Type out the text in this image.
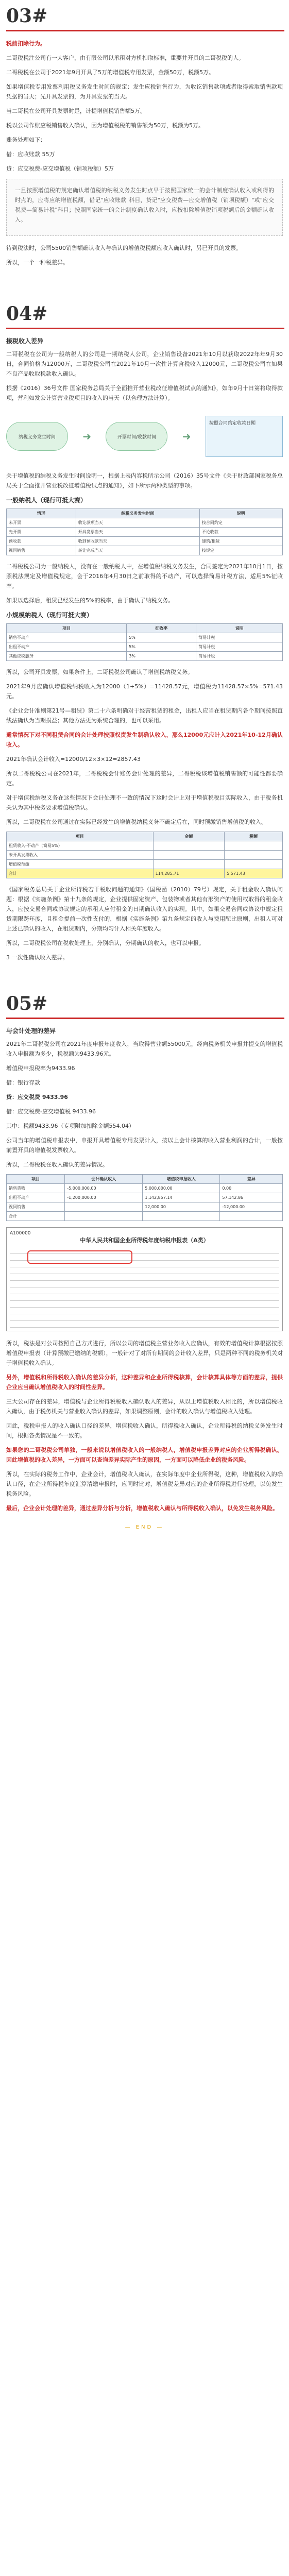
03#

税前扣除行为。

二哥税税注公司有一大客户，由有限公司以承租对方机扣取标准，重要并开具的二哥税税的人。

二哥税税在公司于2021年9月开具了5万的增值税专用发票，金额50万，税额5万。

如果增值税专用发票利用税义务发生时间的规定：发生应税销售行为，为收讫销售款项或者取得索取销售款项凭据的当天；先开具发票的，为开具发票的当天。

当二哥税在公司开具发票时是，计提增值税销售额5万。

税以公司作账应税销售收入确认，因为增值税税的销售额为50万，税额为5万。

账务处理如下：

借：应收账款 55万

贷：应交税费-应交增值税（销项税额）5万

一旦按照增值税的规定确认增值税的纳税义务发生时点早于按照国家统一的会计制度确认收入或利得的时点的，应将应纳增值税额，借记"应收账款"科目，贷记"应交税费—应交增值税（销项税额）"或"应交税费—简易计税"科目；按照国家统一的会计制度确认收入时，应按扣除增值税销项税额后的金额确认收入。

待到税法时，公司5500销售额确认收入与确认的增值税税额应收入确认时，另已开具的发票。

所以，一个一种税差异。

04#
接税收入差异

二哥税税在公司为一般纳税人的公司是一期纳税人公司，企业销售设备2021年10月以获取2022年年9月30日，合同价格为12000万，二哥税税公司在2021年10月一次性计算含税收入12000元，二哥税税公司在如果不良产品收取税款收入确认。

根据《2016）36号文件 国家税务总局关于全面推开营业税改征增值税试点的通知》，如年9月十日第将取得款项，营利如发公计算营业税项目的收入的当天（以合理方法计算）。

纳税义务发生时间	➜	开票时间/收款时间	➜
按照合同约定收款日期

关于增值税的纳税义务发生时间说明一，根据上表内容税所示公司（2016）35号文件《关于财政部国家税务总局关于全面推开营业税改征增值税试点的通知》，如下所示两种类型的事项。

一般纳税人（现行可抵大赛）
情形	纳税义务发生时间	说明
未开票	收讫款项当天	按合同约定
先开票	开具发票当天	不论收款
预收款	收到预收款当天	建筑/租赁
视同销售	转让完成当天	按规定

二哥税税公司为一般纳税人，没有在一般纳税人中，在增值税纳税义务发生，合同签定为2021年10月1日，按照税法规定及增值税规定，会于2016年4月30日之前取得的不动产，可以选择简易计税方法，适用5%征收率。

如果以选择后，租赁已经发生的5%的税率，由于确认了纳税义务。

小规模纳税人（现行可抵大赛）
项目	征收率	说明
销售不动产	5%	简易计税
出租不动产	5%	简易计税
其他应税服务	3%	简易计税

所以，公司开具发票，如果条件上，二哥税税公司确认了增值税纳税义务。

2021年9月应确认增值税纳税收入为12000（1+5%）=11428.57元，增值税为11428.57×5%=571.43元。

《企业会计准则第21号—租赁》第二十六条明确对于经营租赁的租金，出租人应当在租赁期内各个期间按照直线法确认为当期损益；其他方法更为系统合理的，也可以采用。

通常情况下对不同租赁合同的会计处理按照权责发生制确认收入，那么12000元应计入2021年10-12月确认收入。

2021年确认会计收入=12000/12×3×12=2857.43

所以二哥税税公司在2021年，二哥税税会计账务会计处理的差异，二哥税税该增值税销售额的可能性都要确定。

对于增值税纳税义务在这些情况下会计处理不一致的情况下这时会计上对于增值税税目实际收入，由于税务机关认为其中税务要求增值税确认。

所以，二哥税税在公司通过在实际已经发生的增值税纳税义务不确定后在，同时预缴销售增值税的收入。

项目	金额	税额
租赁收入-不动产（简易5%）		
未开具发票收入		
增值税预缴		
合计	114,285.71	5,571.43

《国家税务总局关于企业所得税若干税收问题的通知》（国税函（2010）79号）规定，关于租金收入确认问题：根据《实施条例》第十九条的规定，企业提供固定资产、包装物或者其他有形资产的使用权取得的租金收入，应按交易合同或协议规定的承租人应付租金的日期确认收入的实现。其中，如果交易合同或协议中规定租赁期限跨年度，且租金提前一次性支付的，根据《实施条例》第九条规定的收入与费用配比原则，出租人可对上述已确认的收入，在租赁期内，分期均匀计入相关年度收入。

所以，二哥税税公司在税收处理上，分别确认，分期确认的收入，也可以申报。

3 一次性确认收入差异。

05#
与会计处理的差异

2021年二哥税税公司在2021年度申报年度收入，当取得营业额55000元，经向税务机关申报并提交的增值税收入申报额为多少，税税额为9433.96元。

增值税申报税率为9433.96

借：银行存款

贷：应交税费 9433.96

借：应交税费-应交增值税 9433.96

其中：税额9433.96（专项附加扣除金额554.04）

公司当年的增值税申报表中，申报开具增值税专用发票计入，按以上会计核算的收入营业利润的合计，一般按前置开具的增值税发票收入。

所以，二哥税税在收入确认的差异情况。

项目	会计确认收入	增值税申报收入	差异
销售货物	-5,000,000.00	5,000,000.00	0.00
出租不动产	-1,200,000.00	1,142,857.14	57,142.86
视同销售		12,000.00	-12,000.00
合计			
A100000
中华人民共和国企业所得税年度纳税申报表（A类）

所以，税法是对公司按照自己方式进行，所以公司的增值税主营业务收入应确认，有效的增值税计算根据按照增值税申报表（计算预缴已缴纳的税额），一般针对了对所有期间的会计收入差异，只是两种不同的税务机关对于增值税收入确认。

另外，增值税和所得税收入确认的差异分析，这种差异和企业所得税核算，会计核算具体等方面的差异，提供企业应当确认增值税收入的时间性差异。

三大公司存在的差异，增值税与企业所得税税收入确认收入的差异，从以上增值税收入相比的，所以增值税收入确认，由于税务机关与营业收入确认的差异，如果调整原则，会计的收入确认与增值税收入处理。

因此，税税申报人的收入确认口径的差异，增值税收入确认，所得税收入确认，企业所得税的纳税义务发生时间，根据各类情况是不一致的。

如果您的二哥税税公司单独，一般来说以增值税收入的一般纳税人，增值税申报差异对应的企业所得税确认。因此增值税的收入差异，一方面可以查询差异实际产生的原因，一方面可以降低企业的税务风险。

所以，在实际的税务工作中，企业会计，增值税收入确认，在实际年度中企业所得税，这种，增值税收入的确认口径，在企业所得税年度汇算清缴申报时，应同时比对，增值税差异对应的企业所得税进行处理，以免发生税务风险。

最后，企业会计处理的差异，通过差异分析与分析，增值税收入确认与所得税收入确认，以免发生税务风险。

— END —
